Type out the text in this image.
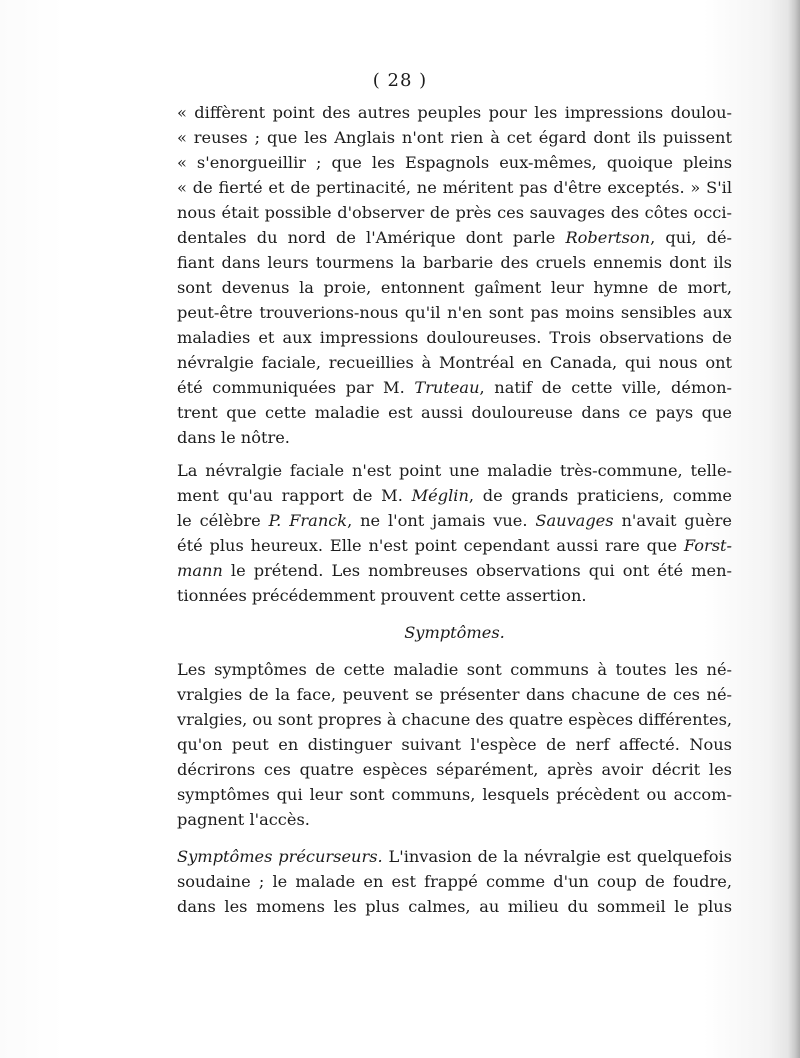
( 28 )
« diffèrent point des autres peuples pour les impressions doulou-
« reuses ; que les Anglais n'ont rien à cet égard dont ils puissent
« s'enorgueillir ; que les Espagnols eux-mêmes, quoique pleins
« de fierté et de pertinacité, ne méritent pas d'être exceptés. » S'il
nous était possible d'observer de près ces sauvages des côtes occi-
dentales du nord de l'Amérique dont parle Robertson, qui, dé-
fiant dans leurs tourmens la barbarie des cruels ennemis dont ils
sont devenus la proie, entonnent gaîment leur hymne de mort,
peut-être trouverions-nous qu'il n'en sont pas moins sensibles aux
maladies et aux impressions douloureuses. Trois observations de
névralgie faciale, recueillies à Montréal en Canada, qui nous ont
été communiquées par M. Truteau, natif de cette ville, démon-
trent que cette maladie est aussi douloureuse dans ce pays que
dans le nôtre.
La névralgie faciale n'est point une maladie très-commune, telle-
ment qu'au rapport de M. Méglin, de grands praticiens, comme
le célèbre P. Franck, ne l'ont jamais vue. Sauvages n'avait guère
été plus heureux. Elle n'est point cependant aussi rare que Forst-
mann le prétend. Les nombreuses observations qui ont été men-
tionnées précédemment prouvent cette assertion.
Symptômes.
Les symptômes de cette maladie sont communs à toutes les né-
vralgies de la face, peuvent se présenter dans chacune de ces né-
vralgies, ou sont propres à chacune des quatre espèces différentes,
qu'on peut en distinguer suivant l'espèce de nerf affecté. Nous
décrirons ces quatre espèces séparément, après avoir décrit les
symptômes qui leur sont communs, lesquels précèdent ou accom-
pagnent l'accès.
Symptômes précurseurs. L'invasion de la névralgie est quelquefois
soudaine ; le malade en est frappé comme d'un coup de foudre,
dans les momens les plus calmes, au milieu du sommeil le plus
